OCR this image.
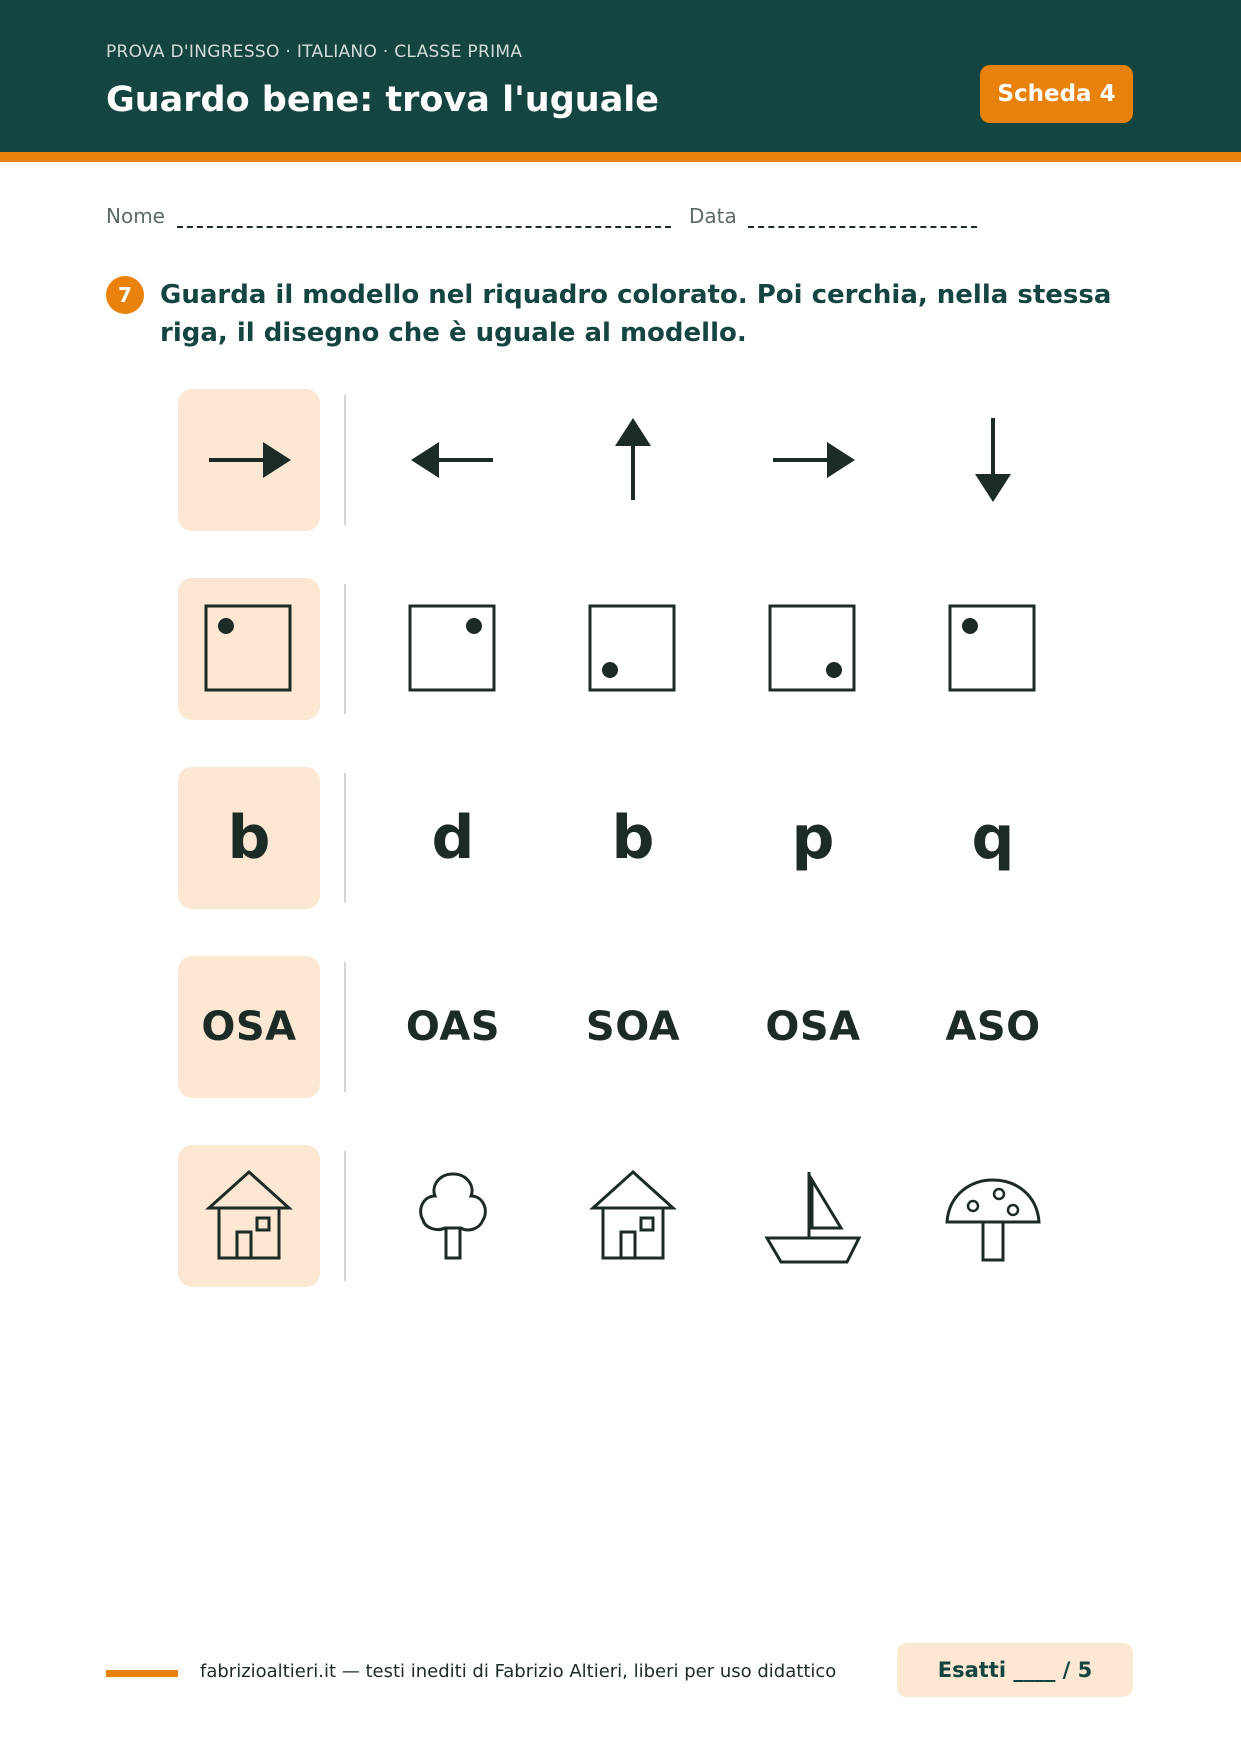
PROVA D'INGRESSO · ITALIANO · CLASSE PRIMA
Guardo bene: trova l'uguale	Scheda 4
Nome	Data
7	Guarda il modello nel riquadro colorato. Poi cerchia, nella stessa riga, il disegno che è uguale al modello.

b	d b p q
OSA	OAS SOA OSA ASO
fabrizioaltieri.it — testi inediti di Fabrizio Altieri, liberi per uso didattico	Esatti
____
/ 5
